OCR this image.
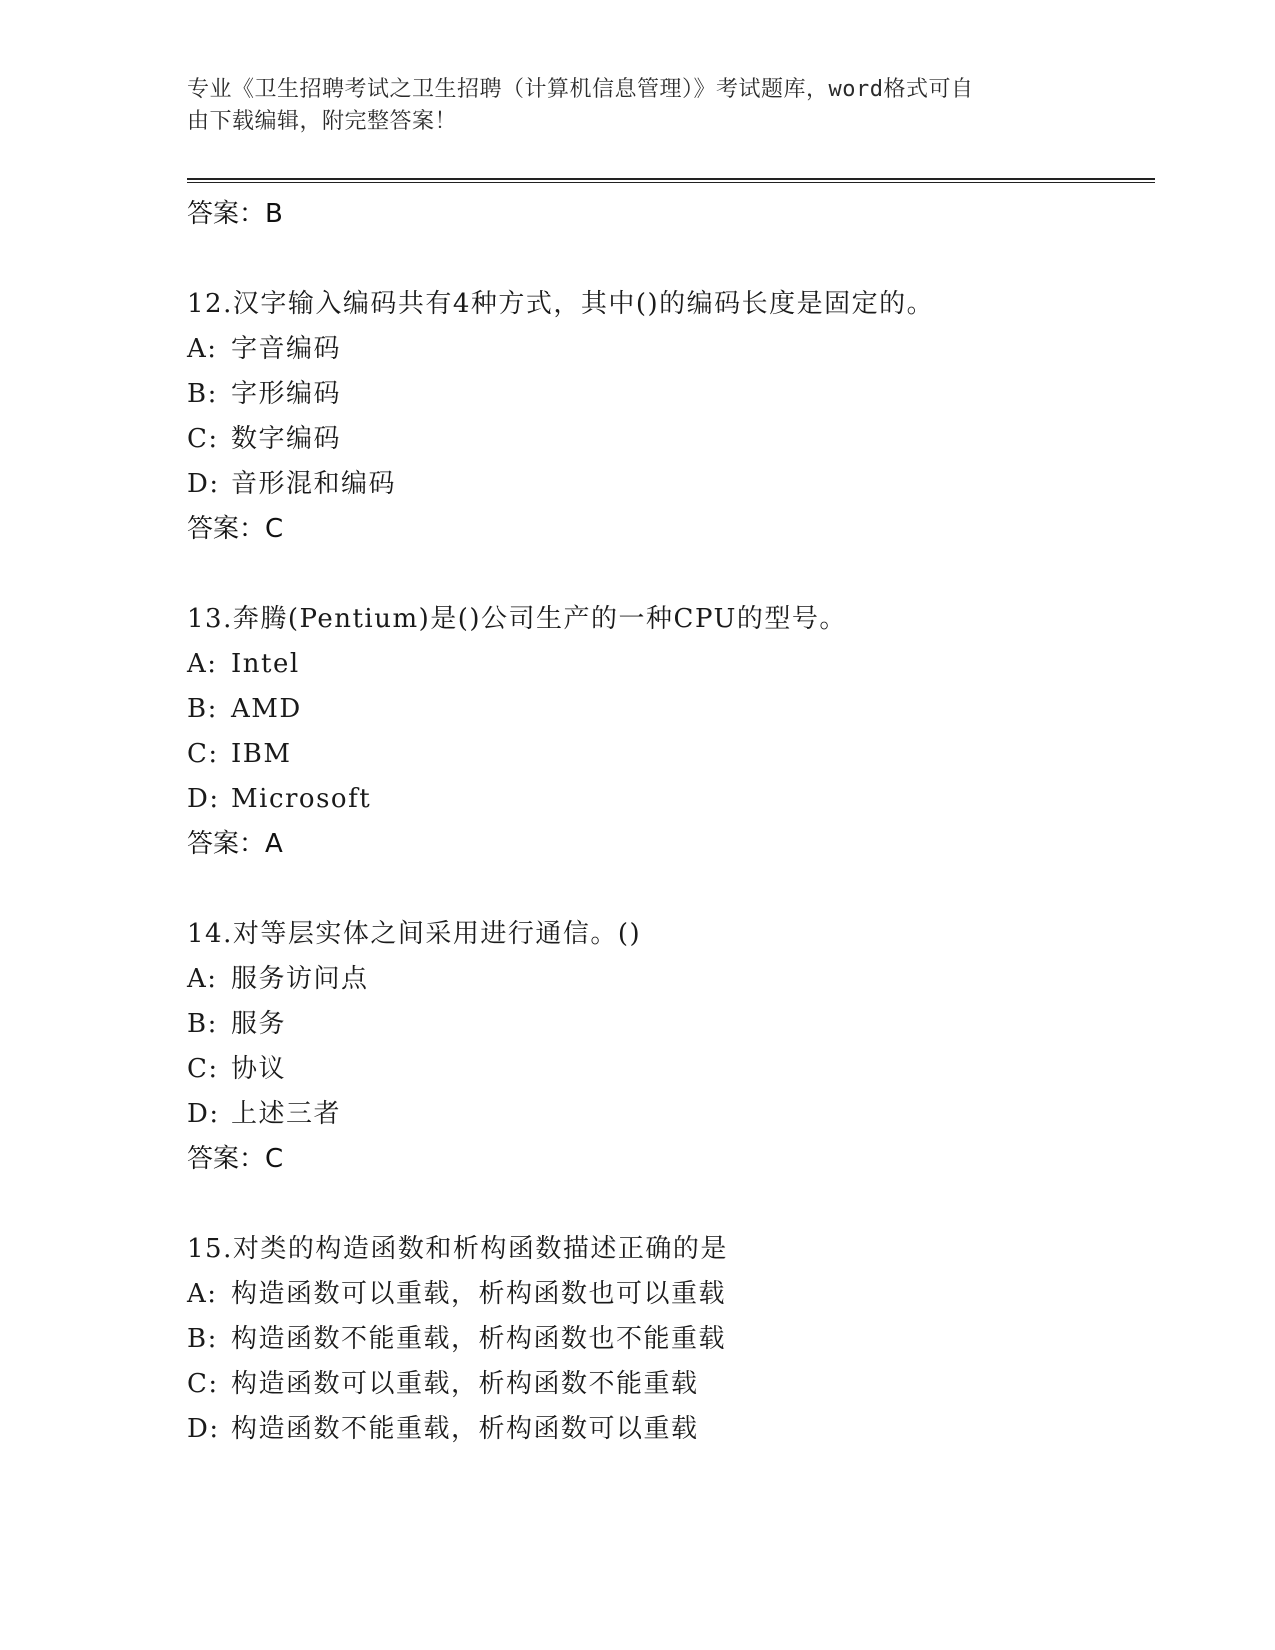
专业《卫生招聘考试之卫生招聘（计算机信息管理）》考试题库，word格式可自
由下载编辑，附完整答案！
答案：B
12.汉字输入编码共有4种方式，其中()的编码长度是固定的。
A: 字音编码
B: 字形编码
C: 数字编码
D: 音形混和编码
答案：C
13.奔腾(Pentium)是()公司生产的一种CPU的型号。
A: Intel
B: AMD
C: IBM
D: Microsoft
答案：A
14.对等层实体之间采用进行通信。()
A: 服务访问点
B: 服务
C: 协议
D: 上述三者
答案：C
15.对类的构造函数和析构函数描述正确的是
A: 构造函数可以重载，析构函数也可以重载
B: 构造函数不能重载，析构函数也不能重载
C: 构造函数可以重载，析构函数不能重载
D: 构造函数不能重载，析构函数可以重载
